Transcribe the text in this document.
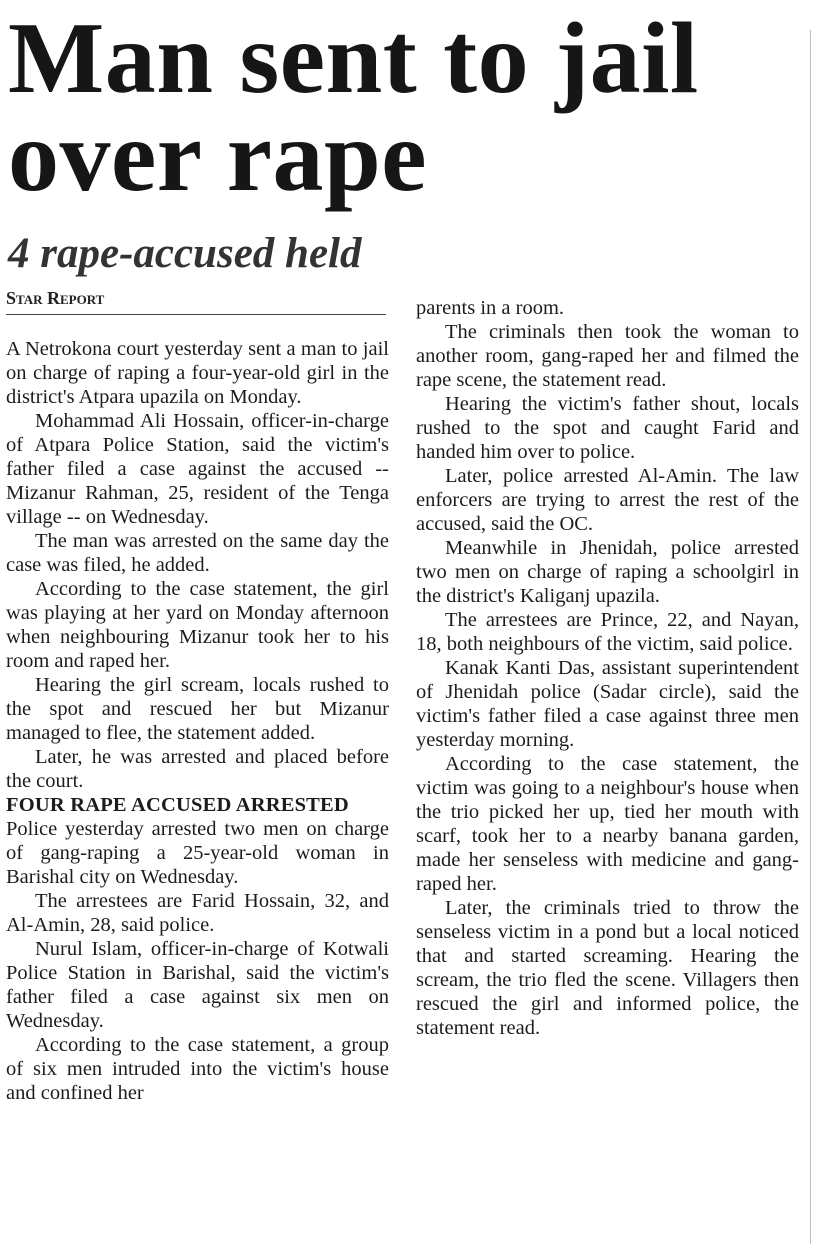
Man sent to jail
over rape
4 rape-accused held
Star Report

A Netrokona court yesterday sent a man to jail on charge of raping a four-year-old girl in the district's Atpara upazila on Monday.

Mohammad Ali Hossain, officer-in-charge of Atpara Police Station, said the victim's father filed a case against the accused -- Mizanur Rahman, 25, resident of the Tenga village -- on Wednesday.

The man was arrested on the same day the case was filed, he added.

According to the case statement, the girl was playing at her yard on Monday afternoon when neighbouring Mizanur took her to his room and raped her.

Hearing the girl scream, locals rushed to the spot and rescued her but Mizanur managed to flee, the statement added.

Later, he was arrested and placed before the court.

FOUR RAPE ACCUSED ARRESTED

Police yesterday arrested two men on charge of gang-raping a 25-year-old woman in Barishal city on Wednesday.

The arrestees are Farid Hossain, 32, and Al-Amin, 28, said police.

Nurul Islam, officer-in-charge of Kotwali Police Station in Barishal, said the victim's father filed a case against six men on Wednesday.

According to the case statement, a group of six men intruded into the victim's house and confined her

parents in a room.

The criminals then took the woman to another room, gang-raped her and filmed the rape scene, the statement read.

Hearing the victim's father shout, locals rushed to the spot and caught Farid and handed him over to police.

Later, police arrested Al-Amin. The law enforcers are trying to arrest the rest of the accused, said the OC.

Meanwhile in Jhenidah, police arrested two men on charge of raping a schoolgirl in the district's Kaliganj upazila.

The arrestees are Prince, 22, and Nayan, 18, both neighbours of the victim, said police.

Kanak Kanti Das, assistant superintendent of Jhenidah police (Sadar circle), said the victim's father filed a case against three men yesterday morning.

According to the case statement, the victim was going to a neighbour's house when the trio picked her up, tied her mouth with scarf, took her to a nearby banana garden, made her senseless with medicine and gang-raped her.

Later, the criminals tried to throw the senseless victim in a pond but a local noticed that and started screaming. Hearing the scream, the trio fled the scene. Villagers then rescued the girl and informed police, the statement read.
